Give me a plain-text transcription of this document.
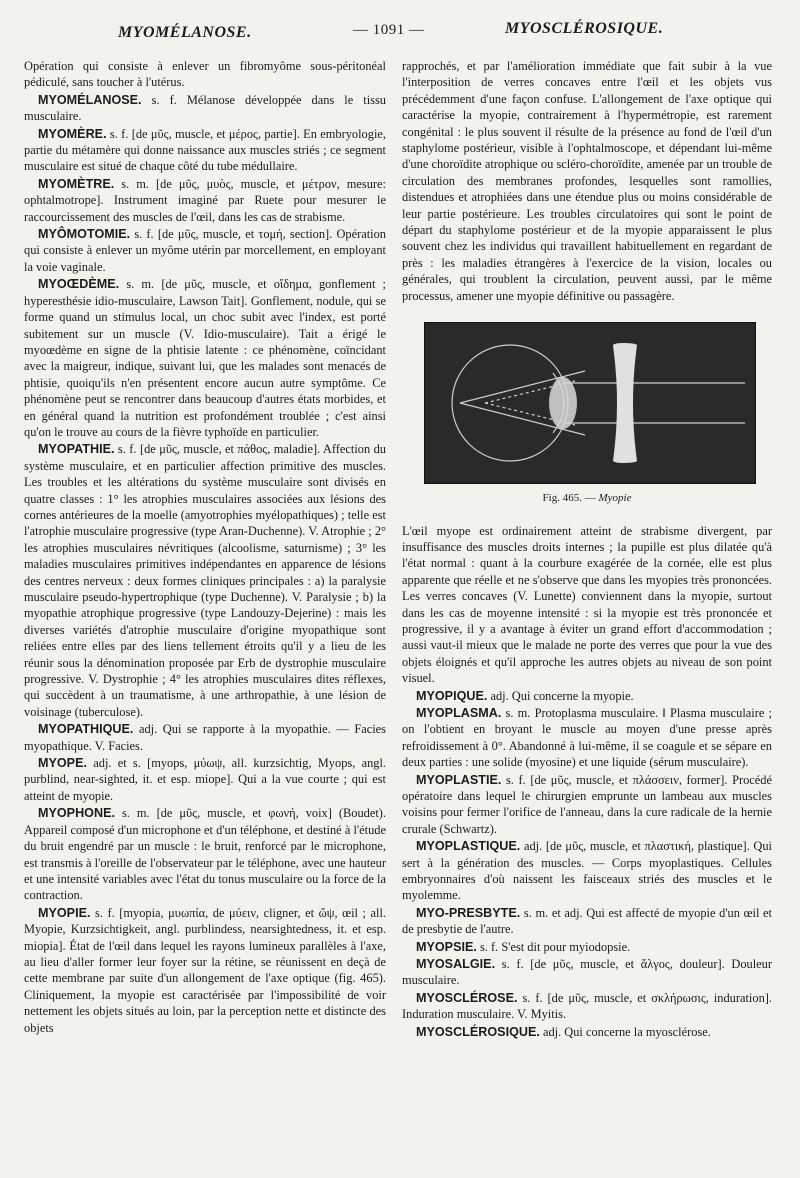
MYOMÉLANOSE.	— 1091 —	MYOSCLÉROSIQUE.

Opération qui consiste à enlever un fibromyôme sous-péritonéal pédiculé, sans toucher à l'utérus.

MYOMÉLANOSE. s. f. Mélanose développée dans le tissu musculaire.

MYOMÈRE. s. f. [de μῦς, muscle, et μέρος, partie]. En embryologie, partie du métamère qui donne naissance aux muscles striés ; ce segment musculaire est situé de chaque côté du tube médullaire.

MYOMÈTRE. s. m. [de μῦς, μυὸς, muscle, et μέτρον, mesure: ophtalmotrope]. Instrument imaginé par Ruete pour mesurer le raccourcissement des muscles de l'œil, dans les cas de strabisme.

MYÔMOTOMIE. s. f. [de μῦς, muscle, et τομή, section]. Opération qui consiste à enlever un myôme utérin par morcellement, en employant la voie vaginale.

MYOŒDÈME. s. m. [de μῦς, muscle, et οἴδημα, gonflement ; hyperesthésie idio-musculaire, Lawson Tait]. Gonflement, nodule, qui se forme quand un stimulus local, un choc subit avec l'index, est porté subitement sur un muscle (V. Idio-musculaire). Tait a érigé le myoœdème en signe de la phtisie latente : ce phénomène, coïncidant avec la maigreur, indique, suivant lui, que les malades sont menacés de phtisie, quoiqu'ils n'en présentent encore aucun autre symptôme. Ce phénomène peut se rencontrer dans beaucoup d'autres états morbides, et en général quand la nutrition est profondément troublée ; c'est ainsi qu'on le trouve au cours de la fièvre typhoïde en particulier.

MYOPATHIE. s. f. [de μῦς, muscle, et πάθος, maladie]. Affection du système musculaire, et en particulier affection primitive des muscles. Les troubles et les altérations du système musculaire sont divisés en quatre classes : 1° les atrophies musculaires associées aux lésions des cornes antérieures de la moelle (amyotrophies myélopathiques) ; telle est l'atrophie musculaire progressive (type Aran-Duchenne). V. Atrophie ; 2° les atrophies musculaires névritiques (alcoolisme, saturnisme) ; 3° les maladies musculaires primitives indépendantes en apparence de lésions des centres nerveux : deux formes cliniques principales : a) la paralysie musculaire pseudo-hypertrophique (type Duchenne). V. Paralysie ; b) la myopathie atrophique progressive (type Landouzy-Dejerine) : mais les diverses variétés d'atrophie musculaire d'origine myopathique sont reliées entre elles par des liens tellement étroits qu'il y a lieu de les réunir sous la dénomination proposée par Erb de dystrophie musculaire progressive. V. Dystrophie ; 4° les atrophies musculaires dites réflexes, qui succèdent à un traumatisme, à une arthropathie, à une lésion de voisinage (tuberculose).

MYOPATHIQUE. adj. Qui se rapporte à la myopathie. — Facies myopathique. V. Facies.

MYOPE. adj. et s. [myops, μύωψ, all. kurzsichtig, Myops, angl. purblind, near-sighted, it. et esp. miope]. Qui a la vue courte ; qui est atteint de myopie.

MYOPHONE. s. m. [de μῦς, muscle, et φωνή, voix] (Boudet). Appareil composé d'un microphone et d'un téléphone, et destiné à l'étude du bruit engendré par un muscle : le bruit, renforcé par le microphone, est transmis à l'oreille de l'observateur par le téléphone, avec une hauteur et une intensité variables avec l'état du tonus musculaire ou la force de la contraction.

MYOPIE. s. f. [myopia, μυωπία, de μύειν, cligner, et ὤψ, œil ; all. Myopie, Kurzsichtigkeit, angl. purblindess, nearsightedness, it. et esp. miopia]. État de l'œil dans lequel les rayons lumineux parallèles à l'axe, au lieu d'aller former leur foyer sur la rétine, se réunissent en deçà de cette membrane par suite d'un allongement de l'axe optique (fig. 465). Cliniquement, la myopie est caractérisée par l'impossibilité de voir nettement les objets situés au loin, par la perception nette et distincte des objets

rapprochés, et par l'amélioration immédiate que fait subir à la vue l'interposition de verres concaves entre l'œil et les objets vus précédemment d'une façon confuse. L'allongement de l'axe optique qui caractérise la myopie, contrairement à l'hypermétropie, est rarement congénital : le plus souvent il résulte de la présence au fond de l'œil d'un staphylome postérieur, visible à l'ophtalmoscope, et dépendant lui-même d'une choroïdite atrophique ou scléro-choroïdite, amenée par un trouble de circulation des membranes profondes, lesquelles sont ramollies, distendues et atrophiées dans une étendue plus ou moins considérable de leur partie postérieure. Les troubles circulatoires qui sont le point de départ du staphylome postérieur et de la myopie apparaissent le plus souvent chez les individus qui travaillent habituellement en regardant de près : les maladies étrangères à l'exercice de la vision, locales ou générales, qui troublent la circulation, peuvent aussi, par le même processus, amener une myopie définitive ou passagère.

Fig. 465. — Myopie

L'œil myope est ordinairement atteint de strabisme divergent, par insuffisance des muscles droits internes ; la pupille est plus dilatée qu'à l'état normal : quant à la courbure exagérée de la cornée, elle est plus apparente que réelle et ne s'observe que dans les myopies très prononcées. Les verres concaves (V. Lunette) conviennent dans la myopie, surtout dans les cas de moyenne intensité : si la myopie est très prononcée et progressive, il y a avantage à éviter un grand effort d'accommodation ; aussi vaut-il mieux que le malade ne porte des verres que pour la vue des objets éloignés et qu'il approche les autres objets au niveau de son point visuel.

MYOPIQUE. adj. Qui concerne la myopie.

MYOPLASMA. s. m. Protoplasma musculaire. ‖ Plasma musculaire ; on l'obtient en broyant le muscle au moyen d'une presse après refroidissement à 0°. Abandonné à lui-même, il se coagule et se sépare en deux parties : une solide (myosine) et une liquide (sérum musculaire).

MYOPLASTIE. s. f. [de μῦς, muscle, et πλάσσειν, former]. Procédé opératoire dans lequel le chirurgien emprunte un lambeau aux muscles voisins pour fermer l'orifice de l'anneau, dans la cure radicale de la hernie crurale (Schwartz).

MYOPLASTIQUE. adj. [de μῦς, muscle, et πλαστική, plastique]. Qui sert à la génération des muscles. — Corps myoplastiques. Cellules embryonnaires d'où naissent les faisceaux striés des muscles et le myolemme.

MYO-PRESBYTE. s. m. et adj. Qui est affecté de myopie d'un œil et de presbytie de l'autre.

MYOPSIE. s. f. S'est dit pour myiodopsie.

MYOSALGIE. s. f. [de μῦς, muscle, et ἄλγος, douleur]. Douleur musculaire.

MYOSCLÉROSE. s. f. [de μῦς, muscle, et σκλήρωσις, induration]. Induration musculaire. V. Myitis.

MYOSCLÉROSIQUE. adj. Qui concerne la myosclérose.
